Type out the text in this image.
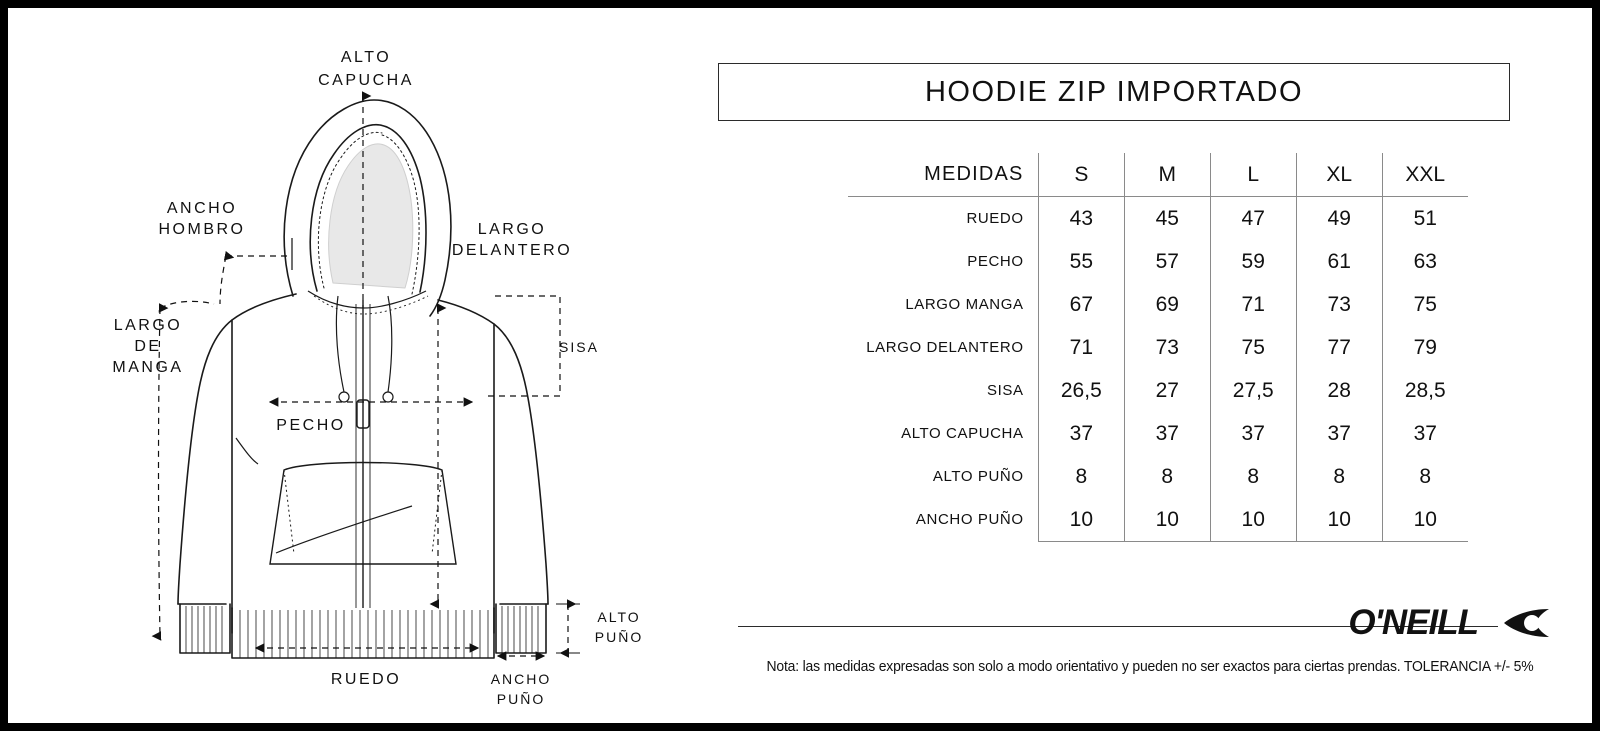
ALTO
CAPUCHA
ANCHO
HOMBRO	LARGO
DELANTERO
LARGO
DE
MANGA
SISA
PECHO
ALTO
PUÑO
RUEDO	ANCHO
PUÑO
HOODIE ZIP IMPORTADO
MEDIDAS	S	M	L	XL	XXL
RUEDO	43	45	47	49	51
PECHO	55	57	59	61	63
LARGO MANGA	67	69	71	73	75
LARGO DELANTERO	71	73	75	77	79
SISA	26,5	27	27,5	28	28,5
ALTO CAPUCHA	37	37	37	37	37
ALTO PUÑO	8	8	8	8	8
ANCHO PUÑO	10	10	10	10	10
O'NEILL
Nota: las medidas expresadas son solo a modo orientativo y pueden no ser exactos para ciertas prendas. TOLERANCIA +/- 5%
